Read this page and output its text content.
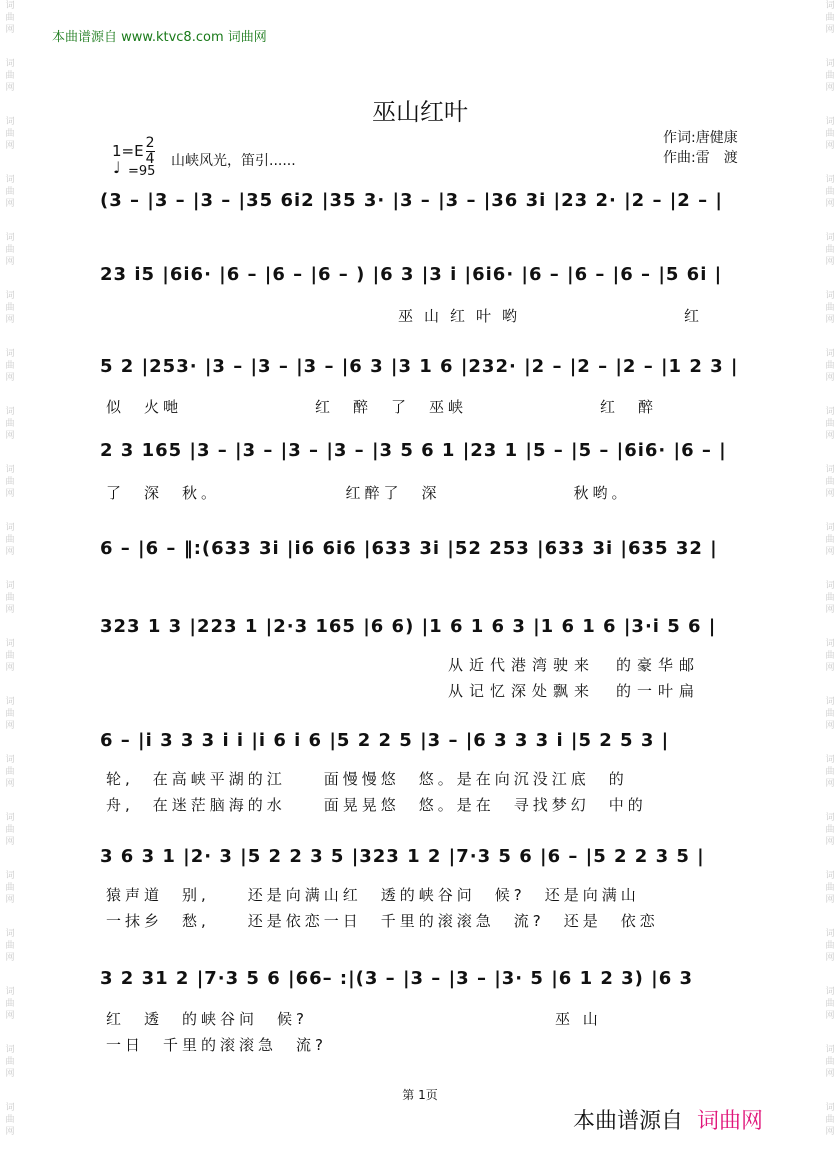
本曲谱源自 www.ktvc8.com 词曲网
词
曲
网
词
曲
网
词
曲
网
词
曲
网
词
曲
网
词
曲
网
词
曲
网
词
曲
网
词
曲
网
词
曲
网
词
曲
网
词
曲
网
词
曲
网
词
曲
网
词
曲
网
词
曲
网
词
曲
网
词
曲
网
词
曲
网
词
曲
网
词
曲
网
词
曲
网
词
曲
网
词
曲
网
词
曲
网
词
曲
网
词
曲
网
词
曲
网
词
曲
网
词
曲
网
词
曲
网
词
曲
网
词
曲
网
词
曲
网
词
曲
网
词
曲
网
词
曲
网
词
曲
网
词
曲
网
词
曲
网
巫山红叶
$1=E \frac{2}{4}$
♩ =95
山峡风光，笛引......
作词:唐健康
作曲:雷　渡
(3 – |3 – |3 – |35 6i2 |35 3· |3 – |3 – |36 3i |23 2· |2 – |2 – |
23 i5 |6i6· |6 – |6 – |6 – ) |6 3 |3 i |6i6· |6 – |6 – |6 – |5 6i |
巫山红叶哟　　　　　　红
5 2 |253· |3 – |3 – |3 – |6 3 |3 1 6 |232· |2 – |2 – |2 – |1 2 3 |
似　火哋　　　　　　　红　醉　了　巫峡　　　　　　　红　醉
2 3 165 |3 – |3 – |3 – |3 – |3 5 6 1 |23 1 |5 – |5 – |6i6· |6 – |
了　深　秋。　　　　　　　红醉了　深　　　　　　　秋哟。
6 – |6 – ‖:(633 3i |i6 6i6 |633 3i |52 253 |633 3i |635 32 |
323 1 3 |223 1 |2·3 165 |6 6) |1 6 1 6 3 |1 6 1 6 |3·i 5 6 |
从近代港湾驶来　的豪华邮
从记忆深处飘来　的一叶扁
6 – |i 3 3 3 i i |i 6 i 6 |5 2 2 5 |3 – |6 3 3 3 i |5 2 5 3 |
轮,　在高峡平湖的江　　面慢慢悠　悠。是在向沉没江底　的
舟,　在迷茫脑海的水　　面晃晃悠　悠。是在　寻找梦幻　中的
3 6 3 1 |2· 3 |5 2 2 3 5 |323 1 2 |7·3 5 6 |6 – |5 2 2 3 5 |
猿声道　别,　　还是向满山红　透的峡谷问　候?　还是向满山
一抹乡　愁,　　还是依恋一日　千里的滚滚急　流?　还是　依恋
3 2 31 2 |7·3 5 6 |66– :|(3 – |3 – |3 – |3· 5 |6 1 2 3) |6 3
红　透　的峡谷问　候?　　　　　　　　　　　　　巫 山
一日　千里的滚滚急　流?
第 1页
本曲谱源自 词曲网
